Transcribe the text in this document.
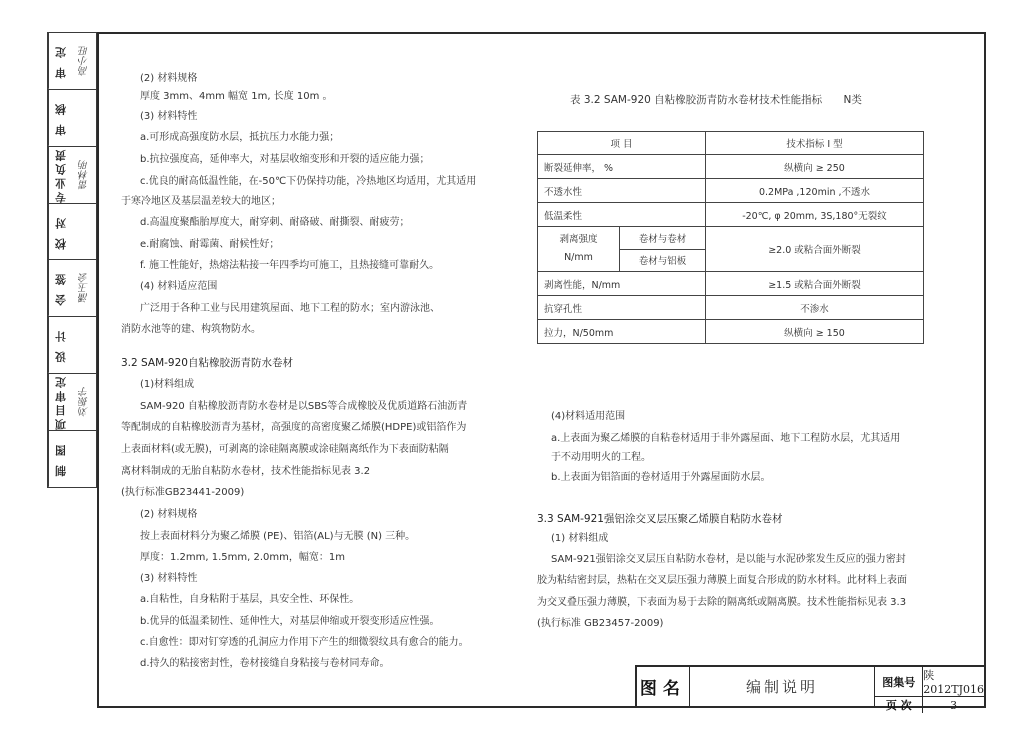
审 定	高小旺
审 核
专业负责	雷林明
校 对
会 签	潘玉会
设 计
项目审定	刘振宇
制 图
(2) 材料规格
厚度 3mm、4mm 幅宽 1m, 长度 10m 。
(3) 材料特性
a.可形成高强度防水层，抵抗压力水能力强；
b.抗拉强度高，延伸率大，对基层收缩变形和开裂的适应能力强；
c.优良的耐高低温性能，在-50℃下仍保持功能，冷热地区均适用，尤其适用
于寒冷地区及基层温差较大的地区；
d.高温度聚酯胎厚度大，耐穿刺、耐硌破、耐撕裂、耐疲劳；
e.耐腐蚀、耐霉菌、耐候性好；
f. 施工性能好，热熔法粘接一年四季均可施工，且热接缝可靠耐久。
(4) 材料适应范围
广泛用于各种工业与民用建筑屋面、地下工程的防水；室内游泳池、
消防水池等的建、构筑物防水。
3.2 SAM-920自粘橡胶沥青防水卷材
(1)材料组成
SAM-920 自粘橡胶沥青防水卷材是以SBS等合成橡胶及优质道路石油沥青
等配制成的自粘橡胶沥青为基材，高强度的高密度聚乙烯膜(HDPE)或铝箔作为
上表面材料(或无膜)，可剥离的涂硅隔离膜或涂硅隔离纸作为下表面防粘隔
离材料制成的无胎自粘防水卷材，技术性能指标见表 3.2
(执行标准GB23441-2009)
(2) 材料规格
按上表面材料分为聚乙烯膜 (PE)、铝箔(AL)与无膜 (N) 三种。
厚度：1.2mm, 1.5mm, 2.0mm，幅宽：1m
(3) 材料特性
a.自粘性，自身粘附于基层，具安全性、环保性。
b.优异的低温柔韧性、延伸性大，对基层伸缩或开裂变形适应性强。
c.自愈性：即对钉穿透的孔洞应力作用下产生的细微裂纹具有愈合的能力。
d.持久的粘接密封性，卷材接缝自身粘接与卷材同寿命。
表 3.2 SAM-920 自粘橡胶沥青防水卷材技术性能指标 N类
项 目		技术指标 I 型
断裂延伸率， %		纵横向 ≥ 250
不透水性		0.2MPa ,120min ,不透水
低温柔性		-20℃, φ 20mm, 3S,180°无裂纹
剥离强度
N/mm	卷材与卷材	≥2.0 或粘合面外断裂
	卷材与铝板	
剥离性能，N/mm		≥1.5 或粘合面外断裂
抗穿孔性		不渗水
拉力，N/50mm		纵横向 ≥ 150
(4)材料适用范围
a.上表面为聚乙烯膜的自粘卷材适用于非外露屋面、地下工程防水层，尤其适用
于不动用明火的工程。
b.上表面为铝箔面的卷材适用于外露屋面防水层。
3.3 SAM-921强铝涂交叉层压聚乙烯膜自粘防水卷材
(1) 材料组成
SAM-921强铝涂交叉层压自粘防水卷材，是以能与水泥砂浆发生反应的强力密封
胶为粘结密封层，热粘在交叉层压强力薄膜上面复合形成的防水材料。此材料上表面
为交叉叠压强力薄膜，下表面为易于去除的隔离纸或隔离膜。技术性能指标见表 3.3
(执行标准 GB23457-2009)
图名	编制说明	图集号 陕2012TJ016
页 次	3
